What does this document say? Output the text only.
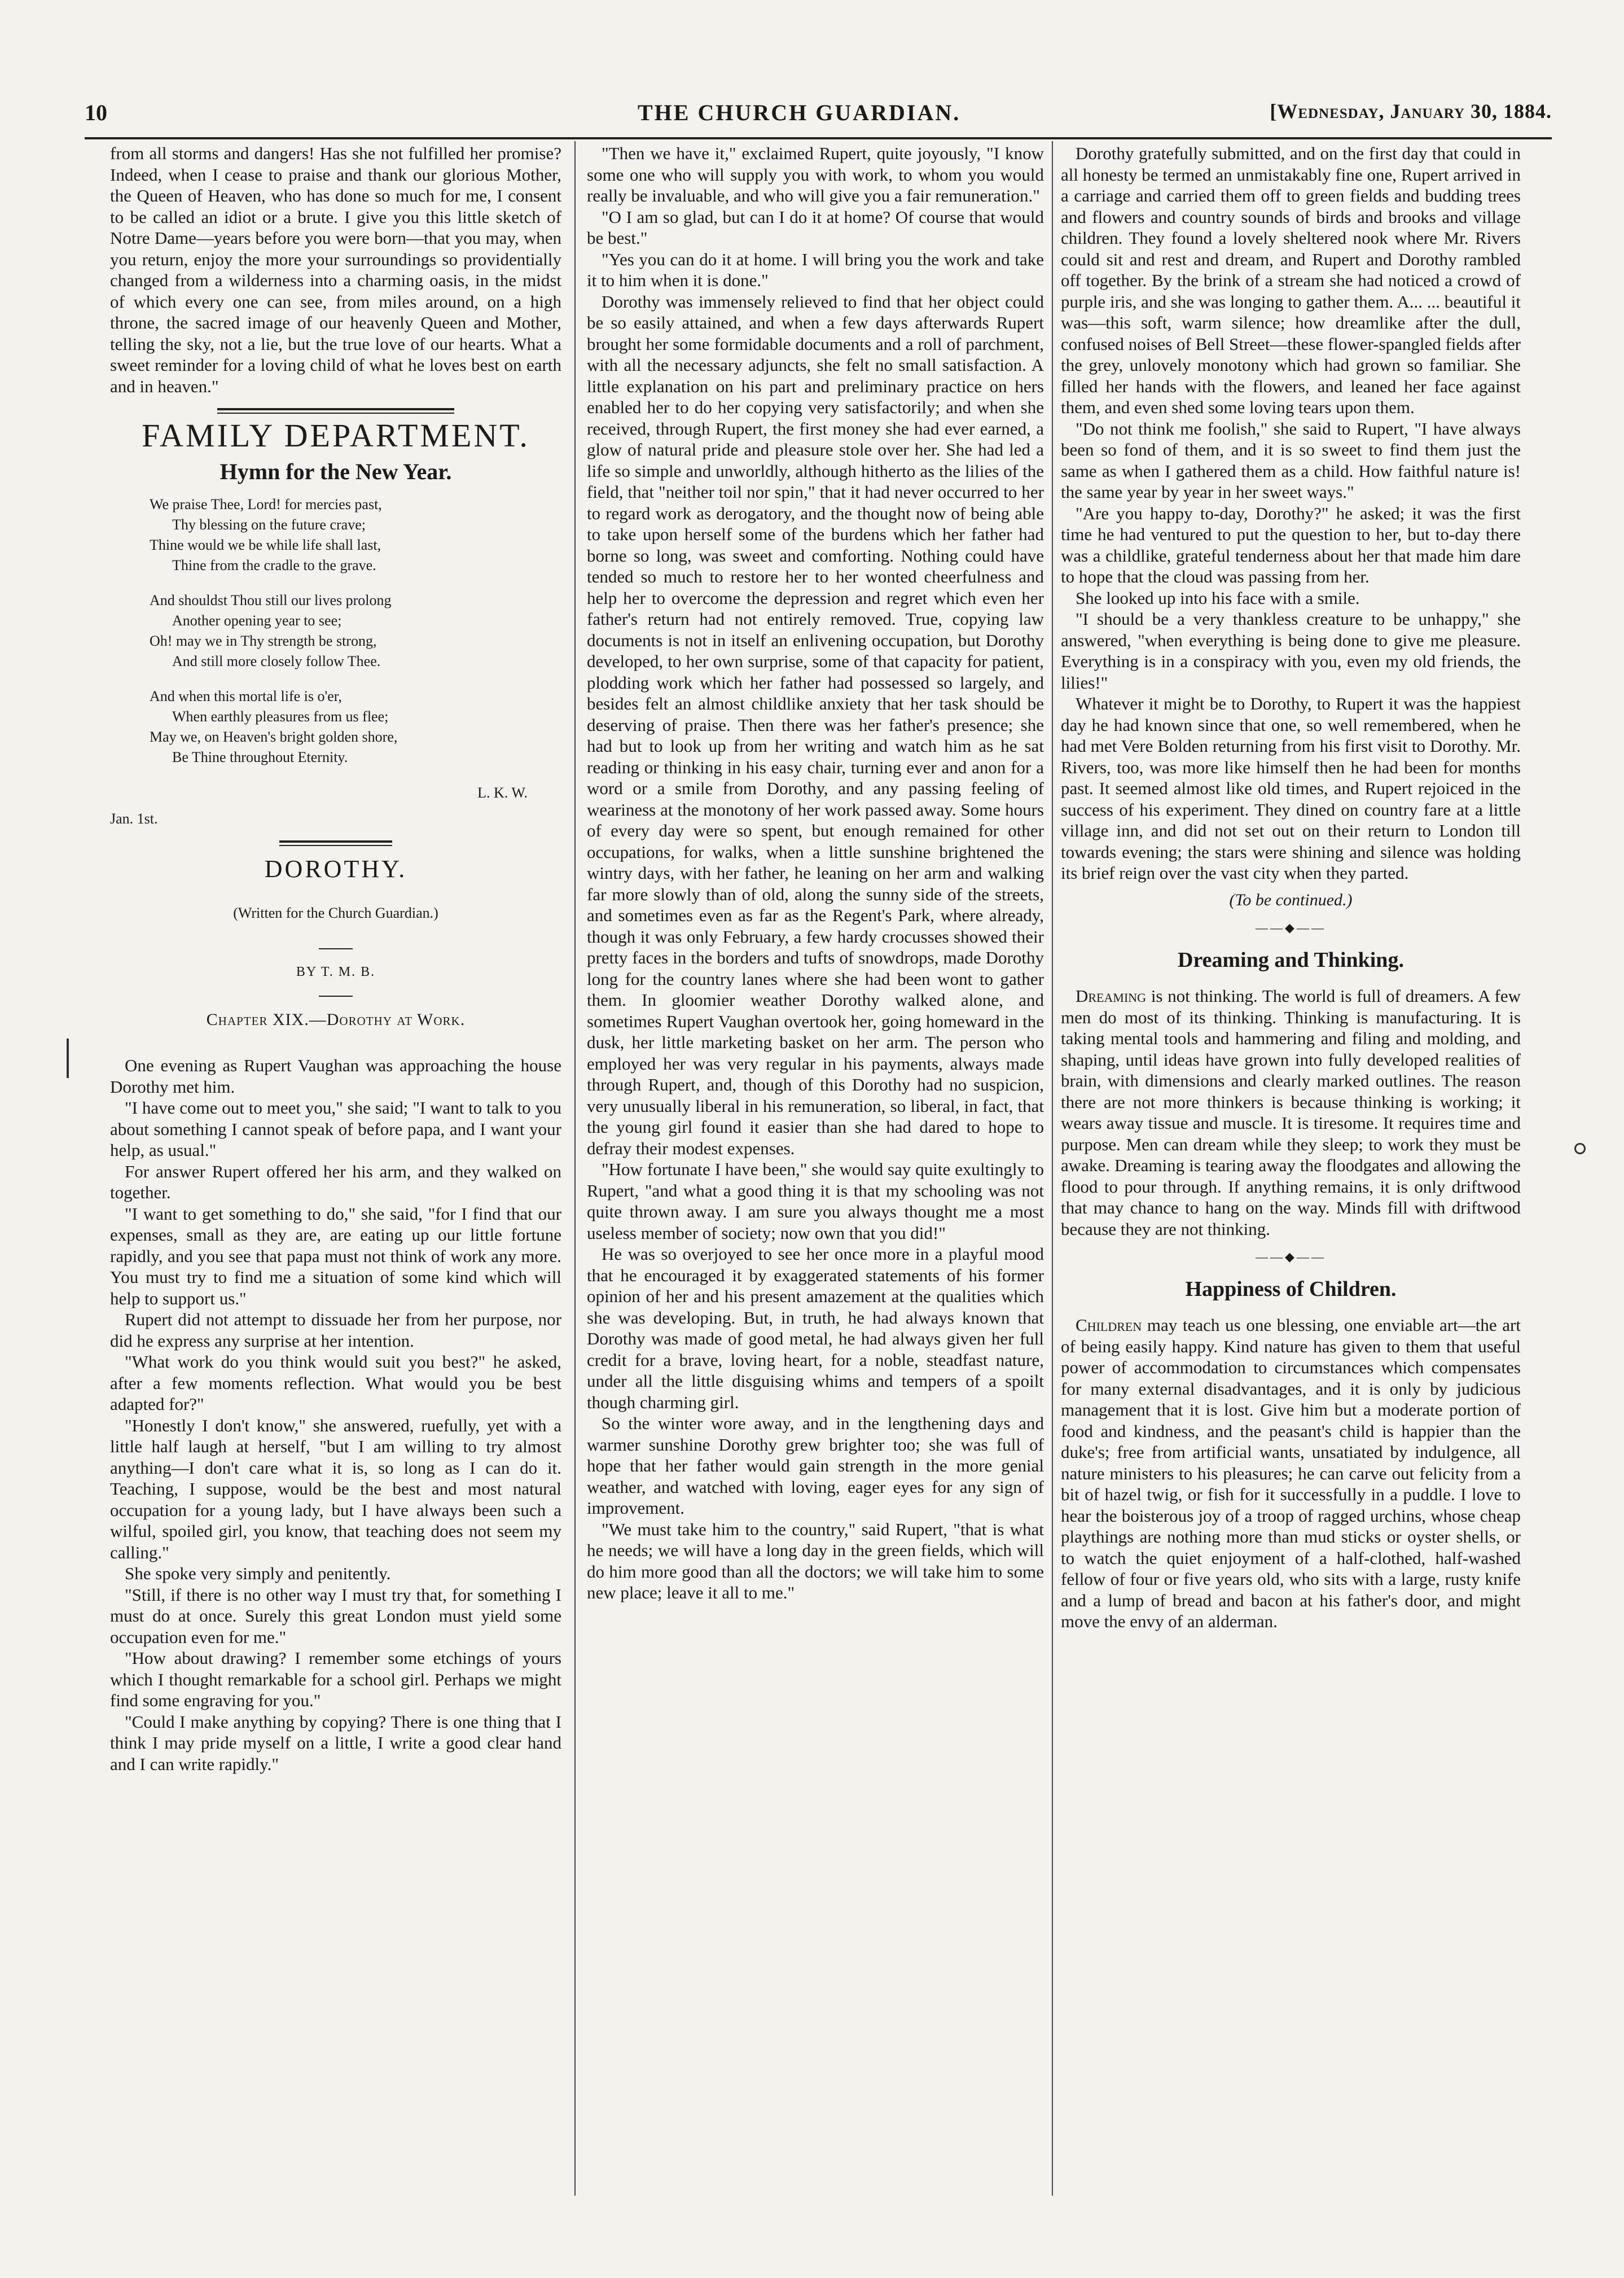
10	THE CHURCH GUARDIAN.	[Wednesday, January 30, 1884.

from all storms and dangers! Has she not fulfilled her promise? Indeed, when I cease to praise and thank our glorious Mother, the Queen of Heaven, who has done so much for me, I consent to be called an idiot or a brute. I give you this little sketch of Notre Dame—years before you were born—that you may, when you return, enjoy the more your surroundings so providentially changed from a wilderness into a charming oasis, in the midst of which every one can see, from miles around, on a high throne, the sacred image of our heavenly Queen and Mother, telling the sky, not a lie, but the true love of our hearts. What a sweet reminder for a loving child of what he loves best on earth and in heaven."

FAMILY DEPARTMENT.
Hymn for the New Year.
We praise Thee, Lord! for mercies past,
Thy blessing on the future crave;
Thine would we be while life shall last,
Thine from the cradle to the grave.
And shouldst Thou still our lives prolong
Another opening year to see;
Oh! may we in Thy strength be strong,
And still more closely follow Thee.
And when this mortal life is o'er,
When earthly pleasures from us flee;
May we, on Heaven's bright golden shore,
Be Thine throughout Eternity.
L. K. W.
Jan. 1st.
DOROTHY.
(Written for the Church Guardian.)
BY T. M. B.
Chapter XIX.—Dorothy at Work.

One evening as Rupert Vaughan was approaching the house Dorothy met him.

"I have come out to meet you," she said; "I want to talk to you about something I cannot speak of before papa, and I want your help, as usual."

For answer Rupert offered her his arm, and they walked on together.

"I want to get something to do," she said, "for I find that our expenses, small as they are, are eating up our little fortune rapidly, and you see that papa must not think of work any more. You must try to find me a situation of some kind which will help to support us."

Rupert did not attempt to dissuade her from her purpose, nor did he express any surprise at her intention.

"What work do you think would suit you best?" he asked, after a few moments reflection. What would you be best adapted for?"

"Honestly I don't know," she answered, ruefully, yet with a little half laugh at herself, "but I am willing to try almost anything—I don't care what it is, so long as I can do it. Teaching, I suppose, would be the best and most natural occupation for a young lady, but I have always been such a wilful, spoiled girl, you know, that teaching does not seem my calling."

She spoke very simply and penitently.

"Still, if there is no other way I must try that, for something I must do at once. Surely this great London must yield some occupation even for me."

"How about drawing? I remember some etchings of yours which I thought remarkable for a school girl. Perhaps we might find some engraving for you."

"Could I make anything by copying? There is one thing that I think I may pride myself on a little, I write a good clear hand and I can write rapidly."

"Then we have it," exclaimed Rupert, quite joyously, "I know some one who will supply you with work, to whom you would really be invaluable, and who will give you a fair remuneration."

"O I am so glad, but can I do it at home? Of course that would be best."

"Yes you can do it at home. I will bring you the work and take it to him when it is done."

Dorothy was immensely relieved to find that her object could be so easily attained, and when a few days afterwards Rupert brought her some formidable documents and a roll of parchment, with all the necessary adjuncts, she felt no small satisfaction. A little explanation on his part and preliminary practice on hers enabled her to do her copying very satisfactorily; and when she received, through Rupert, the first money she had ever earned, a glow of natural pride and pleasure stole over her. She had led a life so simple and unworldly, although hitherto as the lilies of the field, that "neither toil nor spin," that it had never occurred to her to regard work as derogatory, and the thought now of being able to take upon herself some of the burdens which her father had borne so long, was sweet and comforting. Nothing could have tended so much to restore her to her wonted cheerfulness and help her to overcome the depression and regret which even her father's return had not entirely removed. True, copying law documents is not in itself an enlivening occupation, but Dorothy developed, to her own surprise, some of that capacity for patient, plodding work which her father had possessed so largely, and besides felt an almost childlike anxiety that her task should be deserving of praise. Then there was her father's presence; she had but to look up from her writing and watch him as he sat reading or thinking in his easy chair, turning ever and anon for a word or a smile from Dorothy, and any passing feeling of weariness at the monotony of her work passed away. Some hours of every day were so spent, but enough remained for other occupations, for walks, when a little sunshine brightened the wintry days, with her father, he leaning on her arm and walking far more slowly than of old, along the sunny side of the streets, and sometimes even as far as the Regent's Park, where already, though it was only February, a few hardy crocusses showed their pretty faces in the borders and tufts of snowdrops, made Dorothy long for the country lanes where she had been wont to gather them. In gloomier weather Dorothy walked alone, and sometimes Rupert Vaughan overtook her, going homeward in the dusk, her little marketing basket on her arm. The person who employed her was very regular in his payments, always made through Rupert, and, though of this Dorothy had no suspicion, very unusually liberal in his remuneration, so liberal, in fact, that the young girl found it easier than she had dared to hope to defray their modest expenses.

"How fortunate I have been," she would say quite exultingly to Rupert, "and what a good thing it is that my schooling was not quite thrown away. I am sure you always thought me a most useless member of society; now own that you did!"

He was so overjoyed to see her once more in a playful mood that he encouraged it by exaggerated statements of his former opinion of her and his present amazement at the qualities which she was developing. But, in truth, he had always known that Dorothy was made of good metal, he had always given her full credit for a brave, loving heart, for a noble, steadfast nature, under all the little disguising whims and tempers of a spoilt though charming girl.

So the winter wore away, and in the lengthening days and warmer sunshine Dorothy grew brighter too; she was full of hope that her father would gain strength in the more genial weather, and watched with loving, eager eyes for any sign of improvement.

"We must take him to the country," said Rupert, "that is what he needs; we will have a long day in the green fields, which will do him more good than all the doctors; we will take him to some new place; leave it all to me."

Dorothy gratefully submitted, and on the first day that could in all honesty be termed an unmistakably fine one, Rupert arrived in a carriage and carried them off to green fields and budding trees and flowers and country sounds of birds and brooks and village children. They found a lovely sheltered nook where Mr. Rivers could sit and rest and dream, and Rupert and Dorothy rambled off together. By the brink of a stream she had noticed a crowd of purple iris, and she was longing to gather them. A... ... beautiful it was—this soft, warm silence; how dreamlike after the dull, confused noises of Bell Street—these flower-spangled fields after the grey, unlovely monotony which had grown so familiar. She filled her hands with the flowers, and leaned her face against them, and even shed some loving tears upon them.

"Do not think me foolish," she said to Rupert, "I have always been so fond of them, and it is so sweet to find them just the same as when I gathered them as a child. How faithful nature is! the same year by year in her sweet ways."

"Are you happy to-day, Dorothy?" he asked; it was the first time he had ventured to put the question to her, but to-day there was a childlike, grateful tenderness about her that made him dare to hope that the cloud was passing from her.

She looked up into his face with a smile.

"I should be a very thankless creature to be unhappy," she answered, "when everything is being done to give me pleasure. Everything is in a conspiracy with you, even my old friends, the lilies!"

Whatever it might be to Dorothy, to Rupert it was the happiest day he had known since that one, so well remembered, when he had met Vere Bolden returning from his first visit to Dorothy. Mr. Rivers, too, was more like himself then he had been for months past. It seemed almost like old times, and Rupert rejoiced in the success of his experiment. They dined on country fare at a little village inn, and did not set out on their return to London till towards evening; the stars were shining and silence was holding its brief reign over the vast city when they parted.

(To be continued.)
——◆——
Dreaming and Thinking.

Dreaming is not thinking. The world is full of dreamers. A few men do most of its thinking. Thinking is manufacturing. It is taking mental tools and hammering and filing and molding, and shaping, until ideas have grown into fully developed realities of brain, with dimensions and clearly marked outlines. The reason there are not more thinkers is because thinking is working; it wears away tissue and muscle. It is tiresome. It requires time and purpose. Men can dream while they sleep; to work they must be awake. Dreaming is tearing away the floodgates and allowing the flood to pour through. If anything remains, it is only driftwood that may chance to hang on the way. Minds fill with driftwood because they are not thinking.

——◆——
Happiness of Children.

Children may teach us one blessing, one enviable art—the art of being easily happy. Kind nature has given to them that useful power of accommodation to circumstances which compensates for many external disadvantages, and it is only by judicious management that it is lost. Give him but a moderate portion of food and kindness, and the peasant's child is happier than the duke's; free from artificial wants, unsatiated by indulgence, all nature ministers to his pleasures; he can carve out felicity from a bit of hazel twig, or fish for it successfully in a puddle. I love to hear the boisterous joy of a troop of ragged urchins, whose cheap playthings are nothing more than mud sticks or oyster shells, or to watch the quiet enjoyment of a half-clothed, half-washed fellow of four or five years old, who sits with a large, rusty knife and a lump of bread and bacon at his father's door, and might move the envy of an alderman.
